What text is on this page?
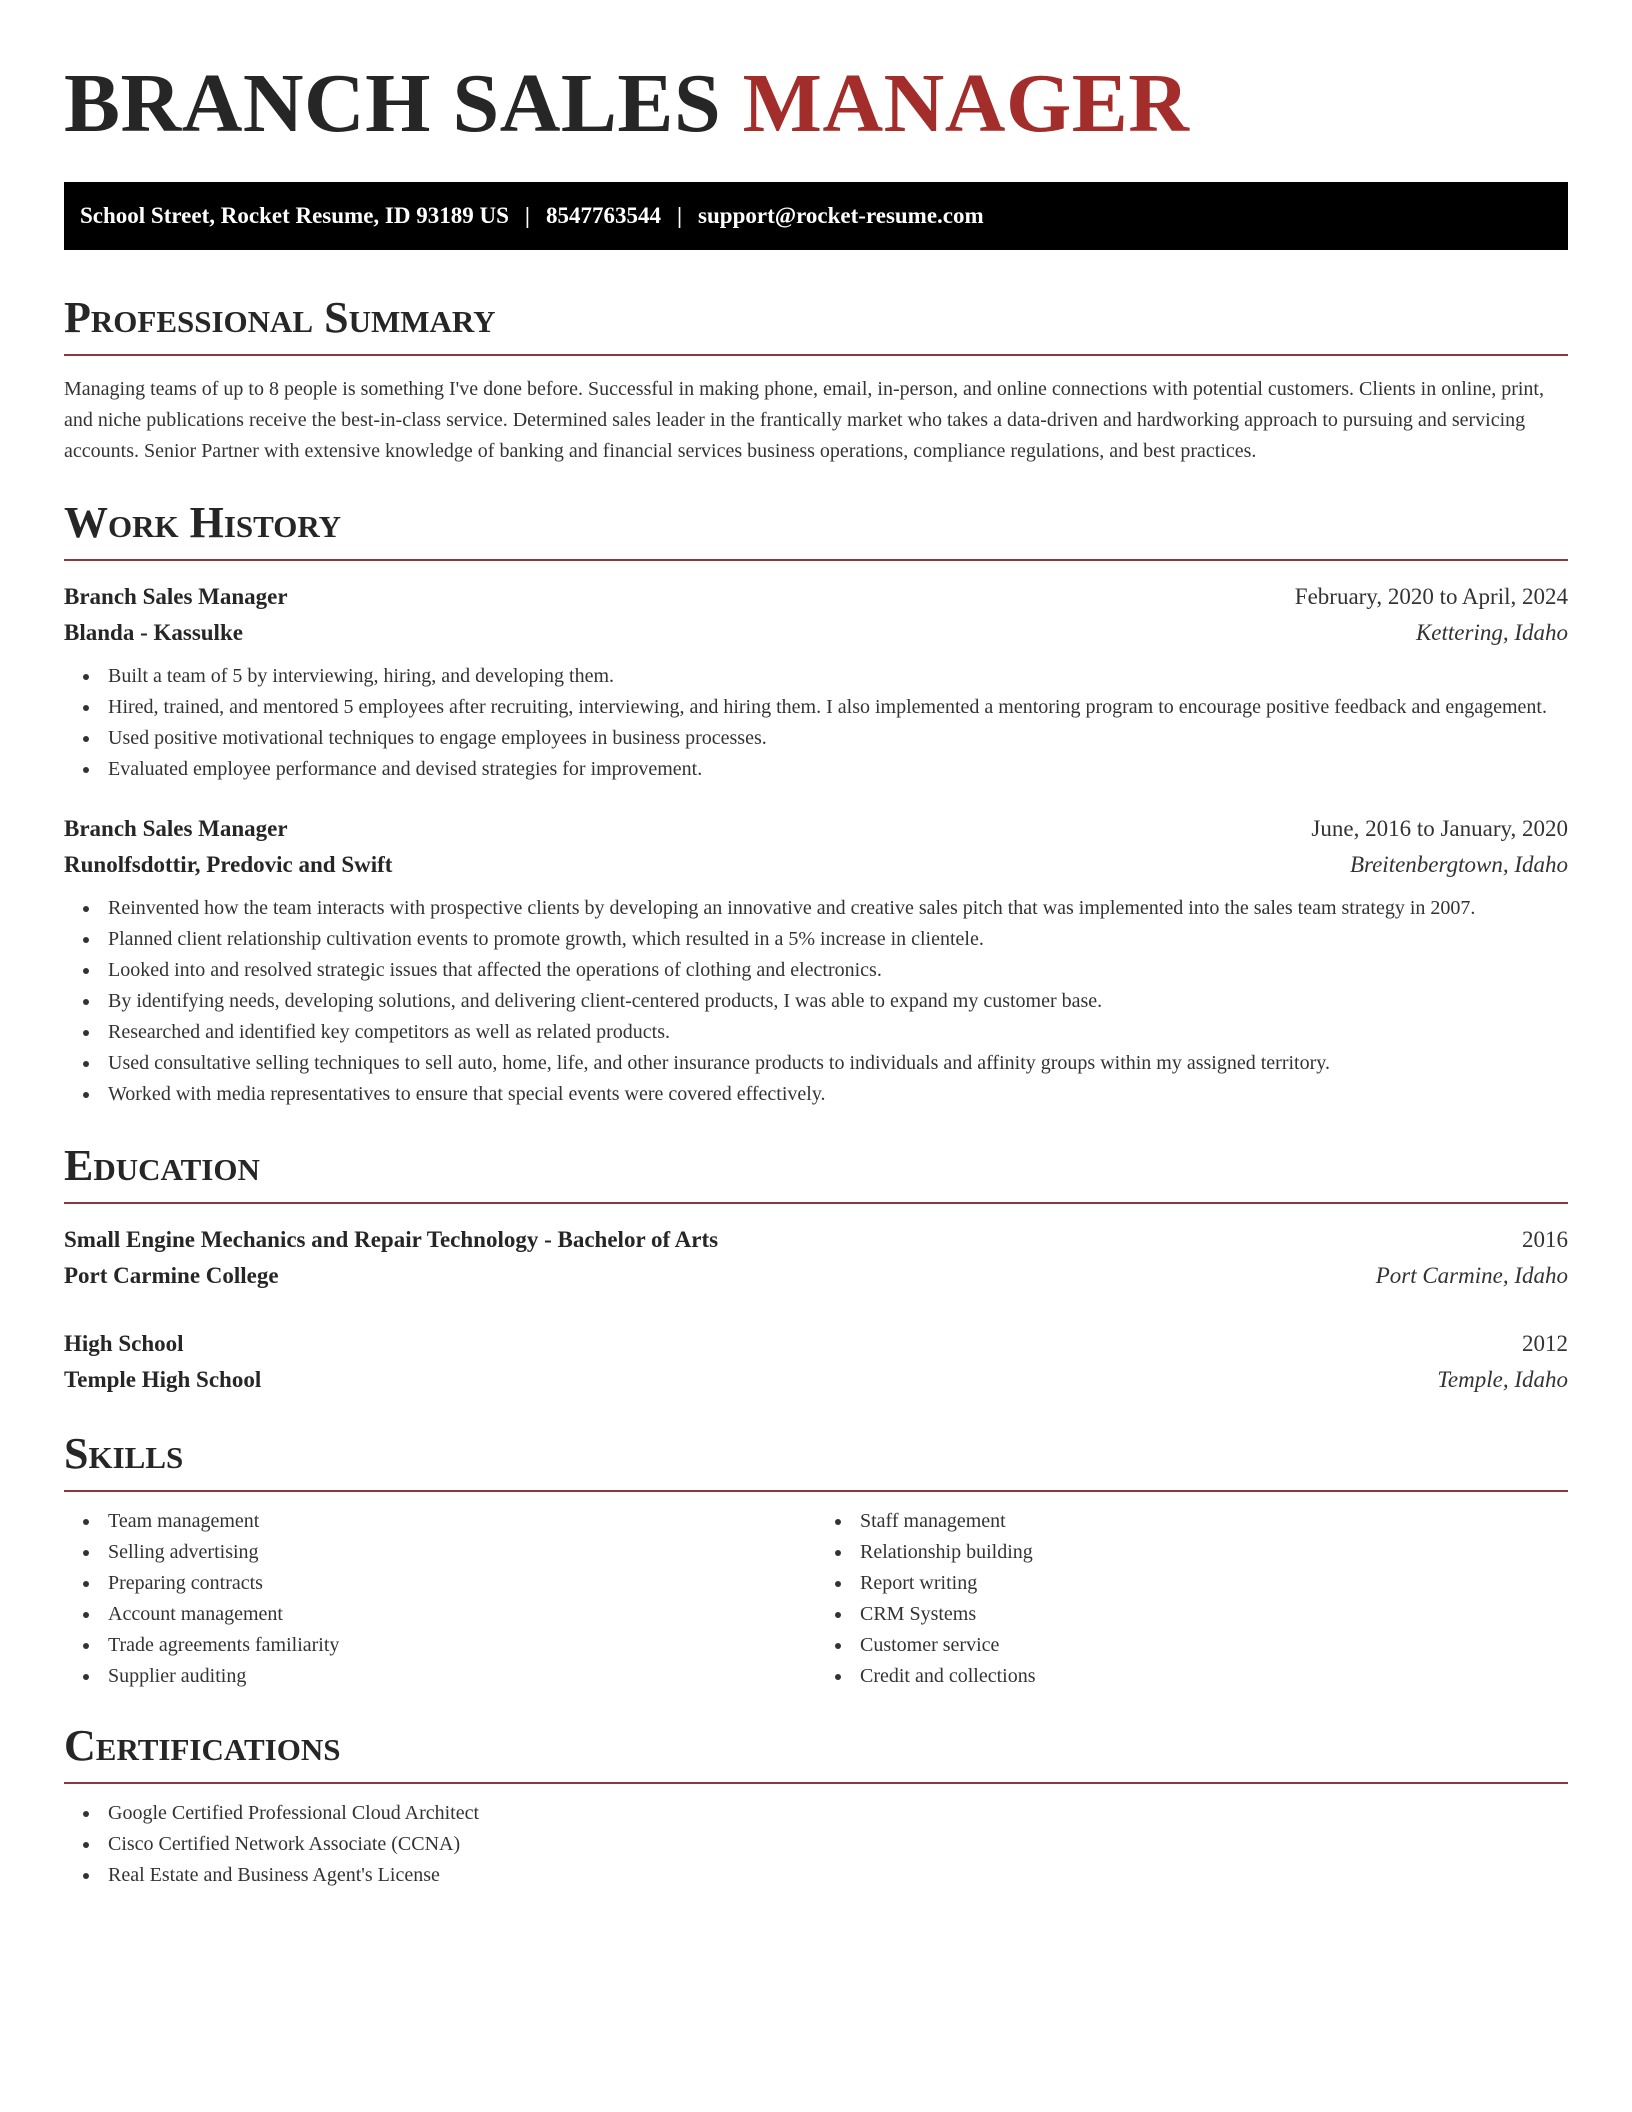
BRANCH SALES MANAGER
School Street, Rocket Resume, ID 93189 US | 8547763544 | support@rocket-resume.com
Professional Summary

Managing teams of up to 8 people is something I've done before. Successful in making phone, email, in-person, and online connections with potential customers. Clients in online, print, and niche publications receive the best-in-class service. Determined sales leader in the frantically market who takes a data-driven and hardworking approach to pursuing and servicing accounts. Senior Partner with extensive knowledge of banking and financial services business operations, compliance regulations, and best practices.

Work History
Branch Sales Manager	February, 2020 to April, 2024
Blanda - Kassulke	Kettering, Idaho
Built a team of 5 by interviewing, hiring, and developing them.
Hired, trained, and mentored 5 employees after recruiting, interviewing, and hiring them. I also implemented a mentoring program to encourage positive feedback and engagement.
Used positive motivational techniques to engage employees in business processes.
Evaluated employee performance and devised strategies for improvement.
Branch Sales Manager	June, 2016 to January, 2020
Runolfsdottir, Predovic and Swift	Breitenbergtown, Idaho
Reinvented how the team interacts with prospective clients by developing an innovative and creative sales pitch that was implemented into the sales team strategy in 2007.
Planned client relationship cultivation events to promote growth, which resulted in a 5% increase in clientele.
Looked into and resolved strategic issues that affected the operations of clothing and electronics.
By identifying needs, developing solutions, and delivering client-centered products, I was able to expand my customer base.
Researched and identified key competitors as well as related products.
Used consultative selling techniques to sell auto, home, life, and other insurance products to individuals and affinity groups within my assigned territory.
Worked with media representatives to ensure that special events were covered effectively.
Education
Small Engine Mechanics and Repair Technology - Bachelor of Arts	2016
Port Carmine College	Port Carmine, Idaho
High School	2012
Temple High School	Temple, Idaho
Skills
Team management
Selling advertising
Preparing contracts
Account management
Trade agreements familiarity
Supplier auditing
Staff management
Relationship building
Report writing
CRM Systems
Customer service
Credit and collections
Certifications
Google Certified Professional Cloud Architect
Cisco Certified Network Associate (CCNA)
Real Estate and Business Agent's License
